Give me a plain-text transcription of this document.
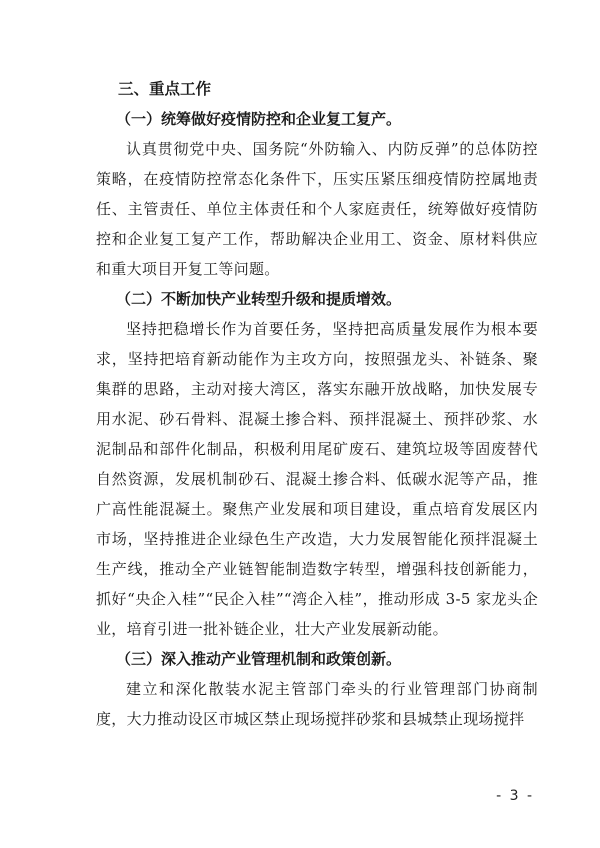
三、重点工作

（一）统筹做好疫情防控和企业复工复产。

认真贯彻党中央、国务院“外防输入、内防反弹”的总体防控策略，在疫情防控常态化条件下，压实压紧压细疫情防控属地责任、主管责任、单位主体责任和个人家庭责任，统筹做好疫情防控和企业复工复产工作，帮助解决企业用工、资金、原材料供应和重大项目开复工等问题。

（二）不断加快产业转型升级和提质增效。

坚持把稳增长作为首要任务，坚持把高质量发展作为根本要求，坚持把培育新动能作为主攻方向，按照强龙头、补链条、聚集群的思路，主动对接大湾区，落实东融开放战略，加快发展专用水泥、砂石骨料、混凝土掺合料、预拌混凝土、预拌砂浆、水泥制品和部件化制品，积极利用尾矿废石、建筑垃圾等固废替代自然资源，发展机制砂石、混凝土掺合料、低碳水泥等产品，推广高性能混凝土。聚焦产业发展和项目建设，重点培育发展区内市场，坚持推进企业绿色生产改造，大力发展智能化预拌混凝土生产线，推动全产业链智能制造数字转型，增强科技创新能力，抓好“央企入桂”“民企入桂”“湾企入桂”，推动形成 3-5 家龙头企业，培育引进一批补链企业，壮大产业发展新动能。

（三）深入推动产业管理机制和政策创新。

建立和深化散装水泥主管部门牵头的行业管理部门协商制度，大力推动设区市城区禁止现场搅拌砂浆和县城禁止现场搅拌

- 3 -
